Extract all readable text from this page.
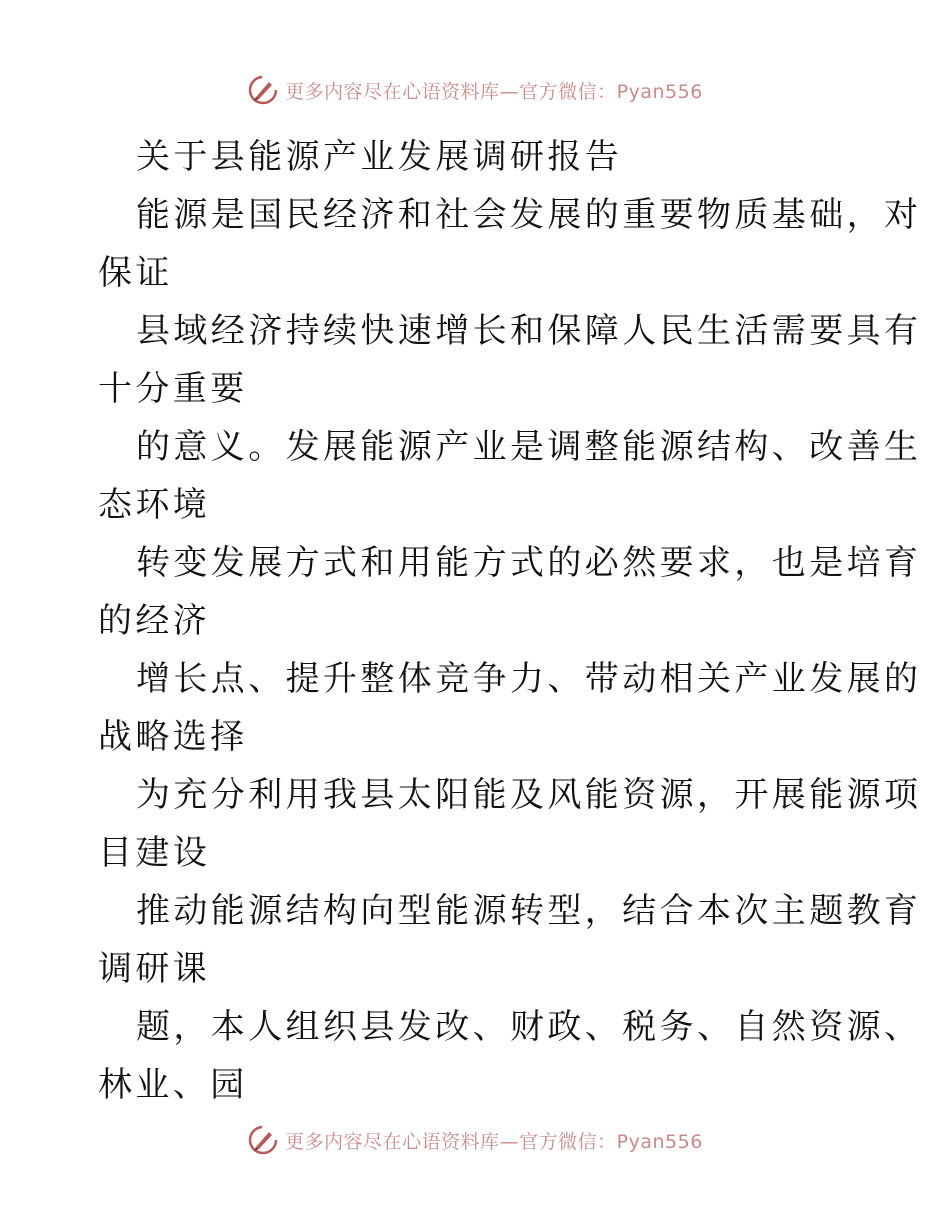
更多内容尽在心语资料库—官方微信：Pyan556

关于县能源产业发展调研报告

能源是国民经济和社会发展的重要物质基础，对

保证

县域经济持续快速增长和保障人民生活需要具有

十分重要

的意义。发展能源产业是调整能源结构、改善生

态环境

转变发展方式和用能方式的必然要求，也是培育

的经济

增长点、提升整体竞争力、带动相关产业发展的

战略选择

为充分利用我县太阳能及风能资源，开展能源项

目建设

推动能源结构向型能源转型，结合本次主题教育

调研课

题，本人组织县发改、财政、税务、自然资源、

林业、园

更多内容尽在心语资料库—官方微信：Pyan556
